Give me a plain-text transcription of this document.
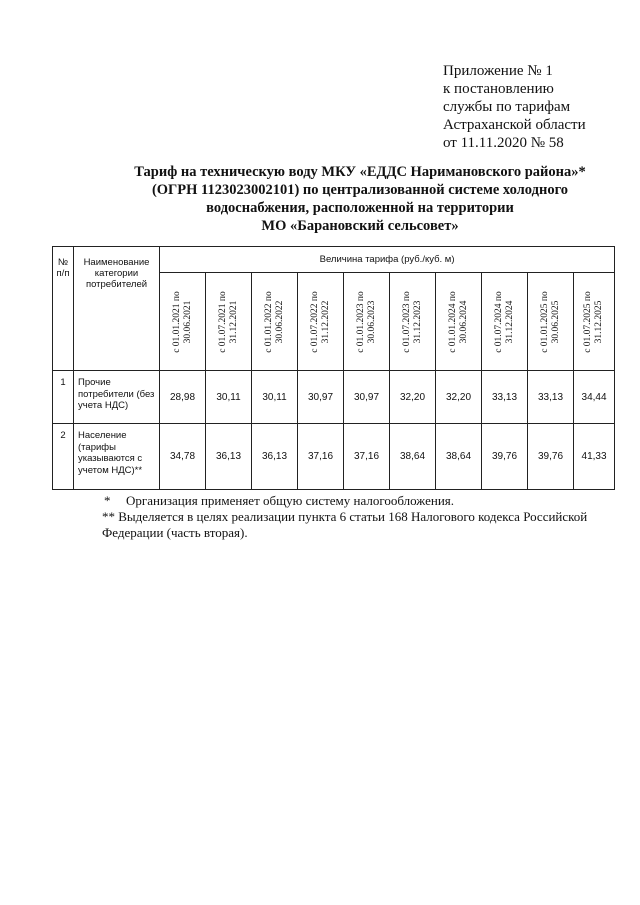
Приложение № 1
к постановлению
службы по тарифам
Астраханской области
от 11.11.2020 № 58
Тариф на техническую воду МКУ «ЕДДС Наримановского района»*
(ОГРН 1123023002101) по централизованной системе холодного
водоснабжения, расположенной на территории
МО «Барановский сельсовет»
№ п/п	Наименование категории потребителей	Величина тарифа (руб./куб. м)									

		с 01.01.2021 по 30.06.2021	с 01.07.2021 по 31.12.2021	с 01.01.2022 по 30.06.2022	с 01.07.2022 по 31.12.2022	с 01.01.2023 по 30.06.2023	с 01.07.2023 по 31.12.2023	с 01.01.2024 по 30.06.2024	с 01.07.2024 по 31.12.2024	с 01.01.2025 по 30.06.2025	с 01.07.2025 по 31.12.2025

1	Прочие потребители (без учета НДС)	28,98	30,11	30,11	30,97	30,97	32,20	32,20	33,13	33,13	34,44
2	Население (тарифы указываются с учетом НДС)**	34,78	36,13	36,13	37,16	37,16	38,64	38,64	39,76	39,76	41,33
* Организация применяет общую систему налогообложения.
** Выделяется в целях реализации пункта 6 статьи 168 Налогового кодекса Российской Федерации (часть вторая).
